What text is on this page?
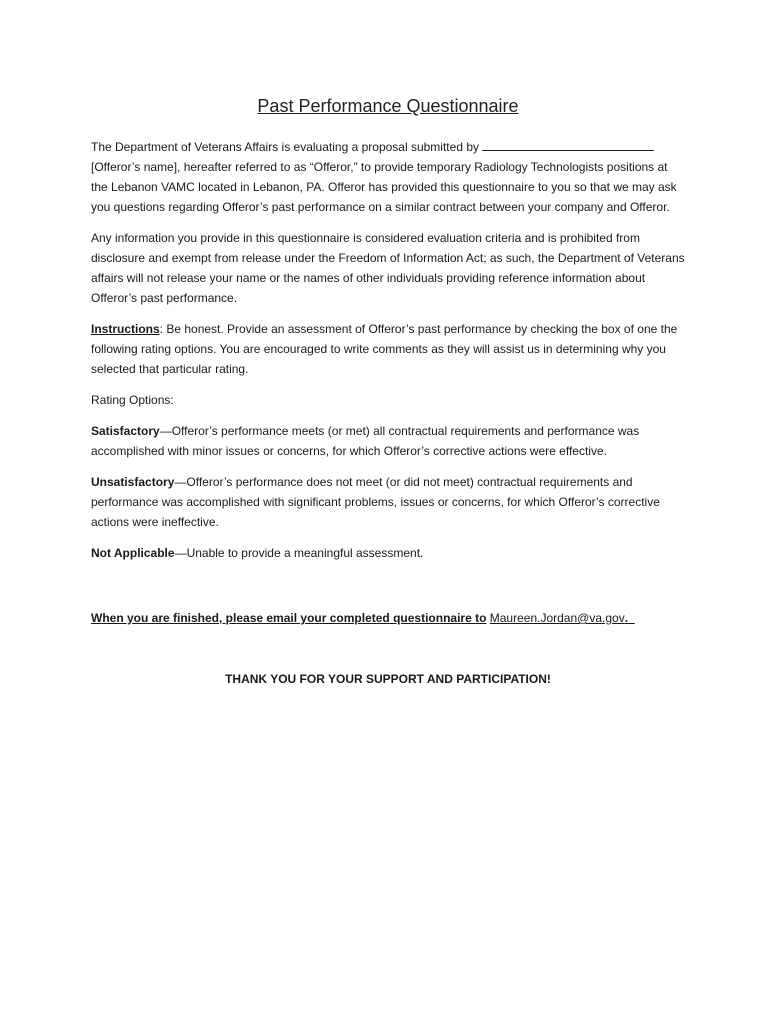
Past Performance Questionnaire

The Department of Veterans Affairs is evaluating a proposal submitted by  [Offeror’s name], hereafter referred to as “Offeror,” to provide temporary Radiology Technologists positions at the Lebanon VAMC located in Lebanon, PA. Offeror has provided this questionnaire to you so that we may ask you questions regarding Offeror’s past performance on a similar contract between your company and Offeror.

Any information you provide in this questionnaire is considered evaluation criteria and is prohibited from disclosure and exempt from release under the Freedom of Information Act; as such, the Department of Veterans affairs will not release your name or the names of other individuals providing reference information about Offeror’s past performance.

Instructions: Be honest. Provide an assessment of Offeror’s past performance by checking the box of one the following rating options. You are encouraged to write comments as they will assist us in determining why you selected that particular rating.

Rating Options:

Satisfactory—Offeror’s performance meets (or met) all contractual requirements and performance was accomplished with minor issues or concerns, for which Offeror’s corrective actions were effective.

Unsatisfactory—Offeror’s performance does not meet (or did not meet) contractual requirements and performance was accomplished with significant problems, issues or concerns, for which Offeror’s corrective actions were ineffective.

Not Applicable—Unable to provide a meaningful assessment.

When you are finished, please email your completed questionnaire to Maureen.Jordan@va.gov.

THANK YOU FOR YOUR SUPPORT AND PARTICIPATION!
